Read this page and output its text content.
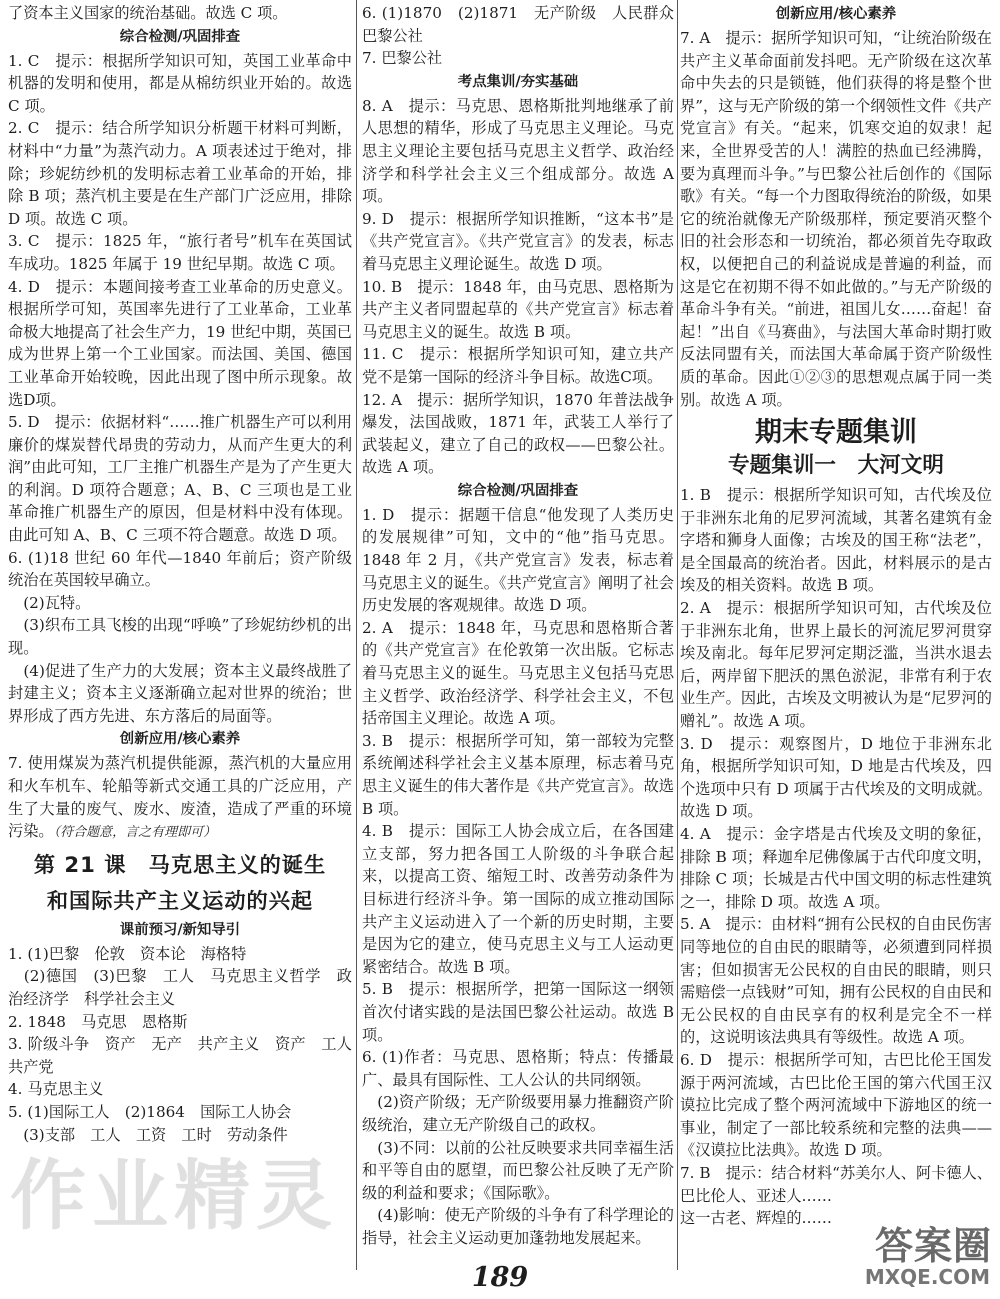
了资本主义国家的统治基础。故选 C 项。

综合检测/巩固排查

1. C　提示：根据所学知识可知，英国工业革命中机器的发明和使用，都是从棉纺织业开始的。故选 C 项。

2. C　提示：结合所学知识分析题干材料可判断，材料中“力量”为蒸汽动力。A 项表述过于绝对，排除；珍妮纺纱机的发明标志着工业革命的开始，排除 B 项；蒸汽机主要是在生产部门广泛应用，排除 D 项。故选 C 项。

3. C　提示：1825 年，“旅行者号”机车在英国试车成功。1825 年属于 19 世纪早期。故选 C 项。

4. D　提示：本题间接考查工业革命的历史意义。根据所学可知，英国率先进行了工业革命，工业革命极大地提高了社会生产力，19 世纪中期，英国已成为世界上第一个工业国家。而法国、美国、德国工业革命开始较晚，因此出现了图中所示现象。故选D项。

5. D　提示：依据材料“……推广机器生产可以利用廉价的煤炭替代昂贵的劳动力，从而产生更大的利润”由此可知，工厂主推广机器生产是为了产生更大的利润。D 项符合题意；A、B、C 三项也是工业革命推广机器生产的原因，但是材料中没有体现。由此可知 A、B、C 三项不符合题意。故选 D 项。

6. (1)18 世纪 60 年代—1840 年前后；资产阶级统治在英国较早确立。

　(2)瓦特。

　(3)织布工具飞梭的出现“呼唤”了珍妮纺纱机的出现。

　(4)促进了生产力的大发展；资本主义最终战胜了封建主义；资本主义逐渐确立起对世界的统治；世界形成了西方先进、东方落后的局面等。

创新应用/核心素养

7. 使用煤炭为蒸汽机提供能源，蒸汽机的大量应用和火车机车、轮船等新式交通工具的广泛应用，产生了大量的废气、废水、废渣，造成了严重的环境污染。（符合题意，言之有理即可）

第 21 课　马克思主义的诞生
和国际共产主义运动的兴起
课前预习/新知导引

1. (1)巴黎　伦敦　资本论　海格特

　(2)德国　(3)巴黎　工人　马克思主义哲学　政治经济学　科学社会主义

2. 1848　马克思　恩格斯

3. 阶级斗争　资产　无产　共产主义　资产　工人　共产党

4. 马克思主义

5. (1)国际工人　(2)1864　国际工人协会

　(3)支部　工人　工资　工时　劳动条件

6. (1)1870　(2)1871　无产阶级　人民群众　巴黎公社

7. 巴黎公社

考点集训/夯实基础

8. A　提示：马克思、恩格斯批判地继承了前人思想的精华，形成了马克思主义理论。马克思主义理论主要包括马克思主义哲学、政治经济学和科学社会主义三个组成部分。故选 A 项。

9. D　提示：根据所学知识推断，“这本书”是《共产党宣言》。《共产党宣言》的发表，标志着马克思主义理论诞生。故选 D 项。

10. B　提示：1848 年，由马克思、恩格斯为共产主义者同盟起草的《共产党宣言》标志着马克思主义的诞生。故选 B 项。

11. C　提示：根据所学知识可知，建立共产党不是第一国际的经济斗争目标。故选C项。

12. A　提示：据所学知识，1870 年普法战争爆发，法国战败，1871 年，武装工人举行了武装起义，建立了自己的政权——巴黎公社。故选 A 项。

综合检测/巩固排查

1. D　提示：据题干信息“他发现了人类历史的发展规律”可知，文中的“他”指马克思。1848 年 2 月，《共产党宣言》发表，标志着马克思主义的诞生。《共产党宣言》阐明了社会历史发展的客观规律。故选 D 项。

2. A　提示：1848 年，马克思和恩格斯合著的《共产党宣言》在伦敦第一次出版。它标志着马克思主义的诞生。马克思主义包括马克思主义哲学、政治经济学、科学社会主义，不包括帝国主义理论。故选 A 项。

3. B　提示：根据所学可知，第一部较为完整系统阐述科学社会主义基本原理，标志着马克思主义诞生的伟大著作是《共产党宣言》。故选 B 项。

4. B　提示：国际工人协会成立后，在各国建立支部，努力把各国工人阶级的斗争联合起来，以提高工资、缩短工时、改善劳动条件为目标进行经济斗争。第一国际的成立推动国际共产主义运动进入了一个新的历史时期，主要是因为它的建立，使马克思主义与工人运动更紧密结合。故选 B 项。

5. B　提示：根据所学，把第一国际这一纲领首次付诸实践的是法国巴黎公社运动。故选 B 项。

6. (1)作者：马克思、恩格斯；特点：传播最广、最具有国际性、工人公认的共同纲领。

　(2)资产阶级；无产阶级要用暴力推翻资产阶级统治，建立无产阶级自己的政权。

　(3)不同：以前的公社反映要求共同幸福生活和平等自由的愿望，而巴黎公社反映了无产阶级的利益和要求；《国际歌》。

　(4)影响：使无产阶级的斗争有了科学理论的指导，社会主义运动更加蓬勃地发展起来。

创新应用/核心素养

7. A　提示：据所学知识可知，“让统治阶级在共产主义革命面前发抖吧。无产阶级在这次革命中失去的只是锁链，他们获得的将是整个世界”，这与无产阶级的第一个纲领性文件《共产党宣言》有关。“起来，饥寒交迫的奴隶！起来，全世界受苦的人！满腔的热血已经沸腾，要为真理而斗争。”与巴黎公社后创作的《国际歌》有关。“每一个力图取得统治的阶级，如果它的统治就像无产阶级那样，预定要消灭整个旧的社会形态和一切统治，都必须首先夺取政权，以便把自己的利益说成是普遍的利益，而这是它在初期不得不如此做的。”与无产阶级的革命斗争有关。“前进，祖国儿女……奋起！奋起！”出自《马赛曲》，与法国大革命时期打败反法同盟有关，而法国大革命属于资产阶级性质的革命。因此①②③的思想观点属于同一类别。故选 A 项。

期末专题集训
专题集训一　大河文明

1. B　提示：根据所学知识可知，古代埃及位于非洲东北角的尼罗河流域，其著名建筑有金字塔和狮身人面像；古埃及的国王称“法老”，是全国最高的统治者。因此，材料展示的是古埃及的相关资料。故选 B 项。

2. A　提示：根据所学知识可知，古代埃及位于非洲东北角，世界上最长的河流尼罗河贯穿埃及南北。每年尼罗河定期泛滥，当洪水退去后，两岸留下肥沃的黑色淤泥，非常有利于农业生产。因此，古埃及文明被认为是“尼罗河的赠礼”。故选 A 项。

3. D　提示：观察图片，D 地位于非洲东北角，根据所学知识可知，D 地是古代埃及，四个选项中只有 D 项属于古代埃及的文明成就。故选 D 项。

4. A　提示：金字塔是古代埃及文明的象征，排除 B 项；释迦牟尼佛像属于古代印度文明，排除 C 项；长城是古代中国文明的标志性建筑之一，排除 D 项。故选 A 项。

5. A　提示：由材料“拥有公民权的自由民伤害同等地位的自由民的眼睛等，必须遭到同样损害；但如损害无公民权的自由民的眼睛，则只需赔偿一点钱财”可知，拥有公民权的自由民和无公民权的自由民享有的权利是完全不一样的，这说明该法典具有等级性。故选 A 项。

6. D　提示：根据所学可知，古巴比伦王国发源于两河流域，古巴比伦王国的第六代国王汉谟拉比完成了整个两河流域中下游地区的统一事业，制定了一部比较系统和完整的法典——《汉谟拉比法典》。故选 D 项。

7. B　提示：结合材料“苏美尔人、阿卡德人、巴比伦人、亚述人……

这一古老、辉煌的……

作业精灵
答案圈
MXQE.COM
189
